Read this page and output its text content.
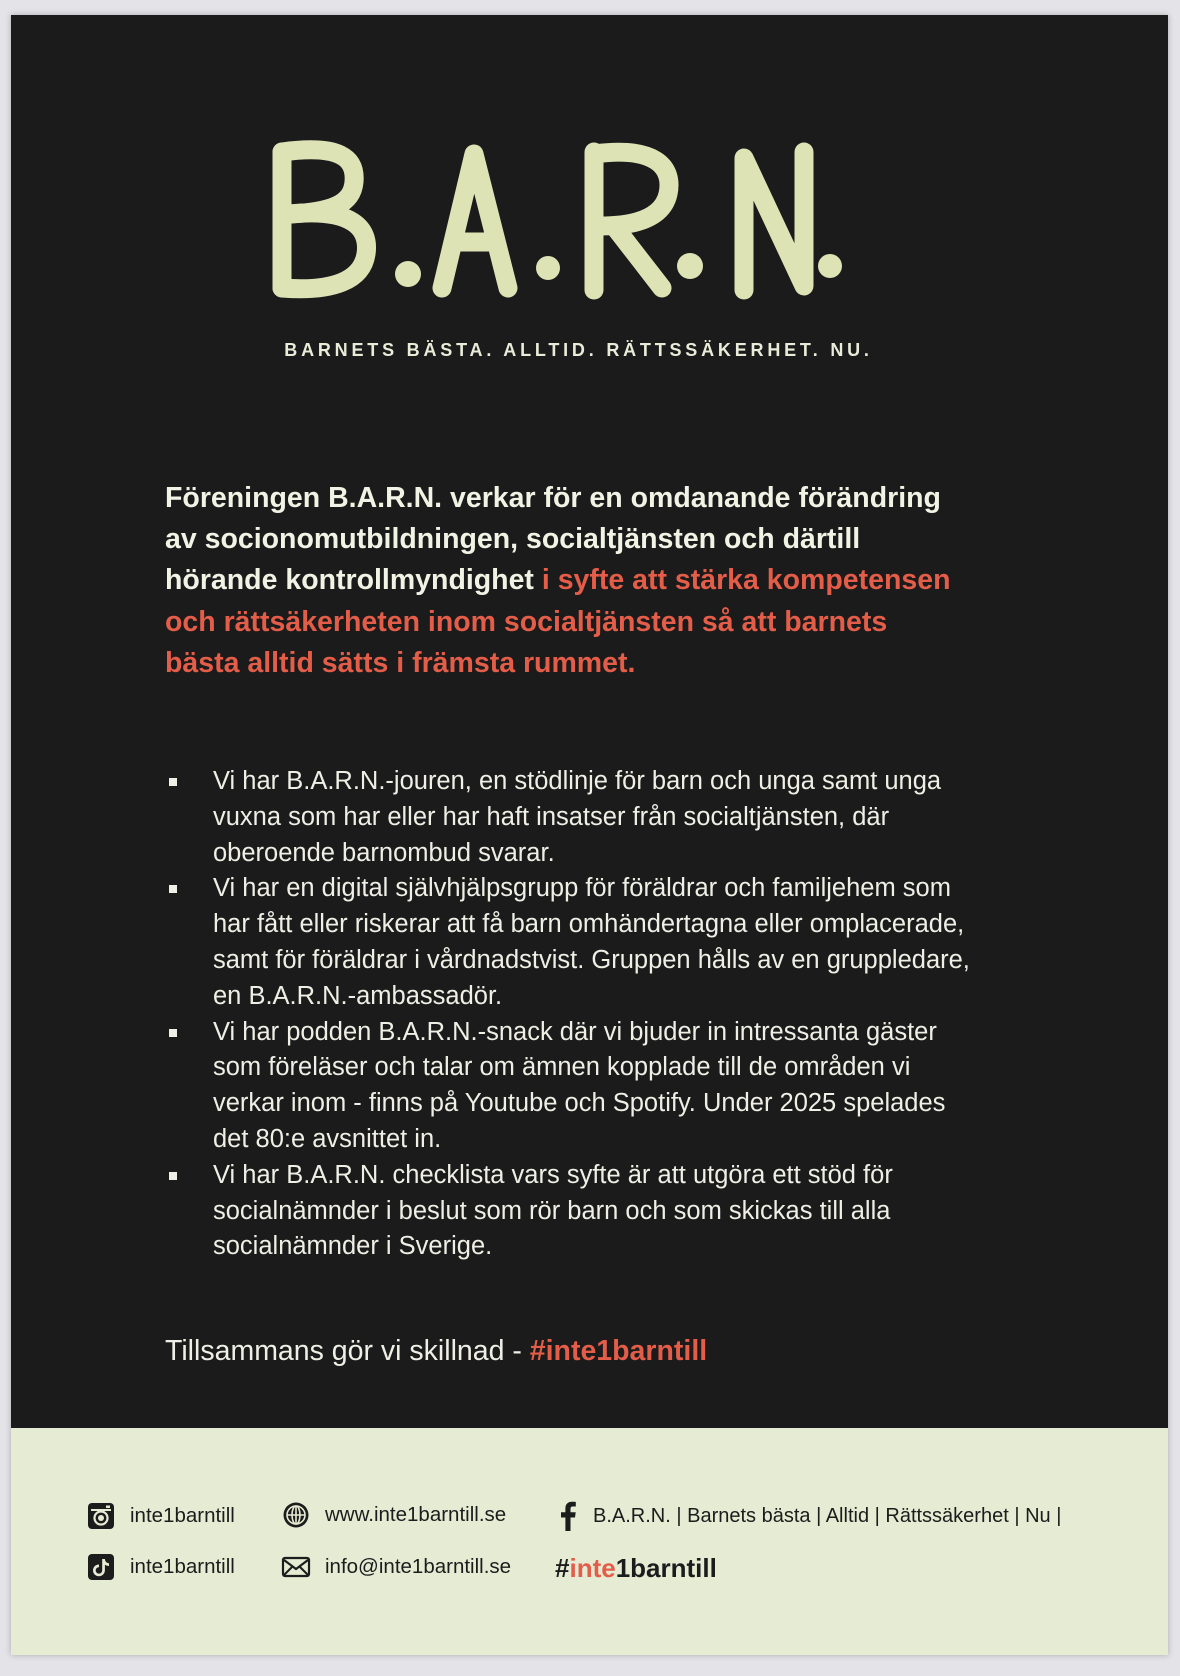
BARNETS BÄSTA. ALLTID. RÄTTSSÄKERHET. NU.
Föreningen B.A.R.N. verkar för en omdanande förändring av socionomutbildningen, socialtjänsten och därtill hörande kontrollmyndighet i syfte att stärka kompetensen och rättsäkerheten inom socialtjänsten så att barnets bästa alltid sätts i främsta rummet.
Vi har B.A.R.N.-jouren, en stödlinje för barn och unga samt unga vuxna som har eller har haft insatser från socialtjänsten, där oberoende barnombud svarar.
Vi har en digital självhjälpsgrupp för föräldrar och familjehem som har fått eller riskerar att få barn omhändertagna eller omplacerade, samt för föräldrar i vårdnadstvist. Gruppen hålls av en gruppledare, en B.A.R.N.-ambassadör.
Vi har podden B.A.R.N.-snack där vi bjuder in intressanta gäster som föreläser och talar om ämnen kopplade till de områden vi verkar inom - finns på Youtube och Spotify. Under 2025 spelades det 80:e avsnittet in.
Vi har B.A.R.N. checklista vars syfte är att utgöra ett stöd för socialnämnder i beslut som rör barn och som skickas till alla socialnämnder i Sverige.
Tillsammans gör vi skillnad - #inte1barntill
inte1barntill	www.inte1barntill.se	B.A.R.N. | Barnets bästa | Alltid | Rättssäkerhet | Nu |
inte1barntill	info@inte1barntill.se #inte1barntill
